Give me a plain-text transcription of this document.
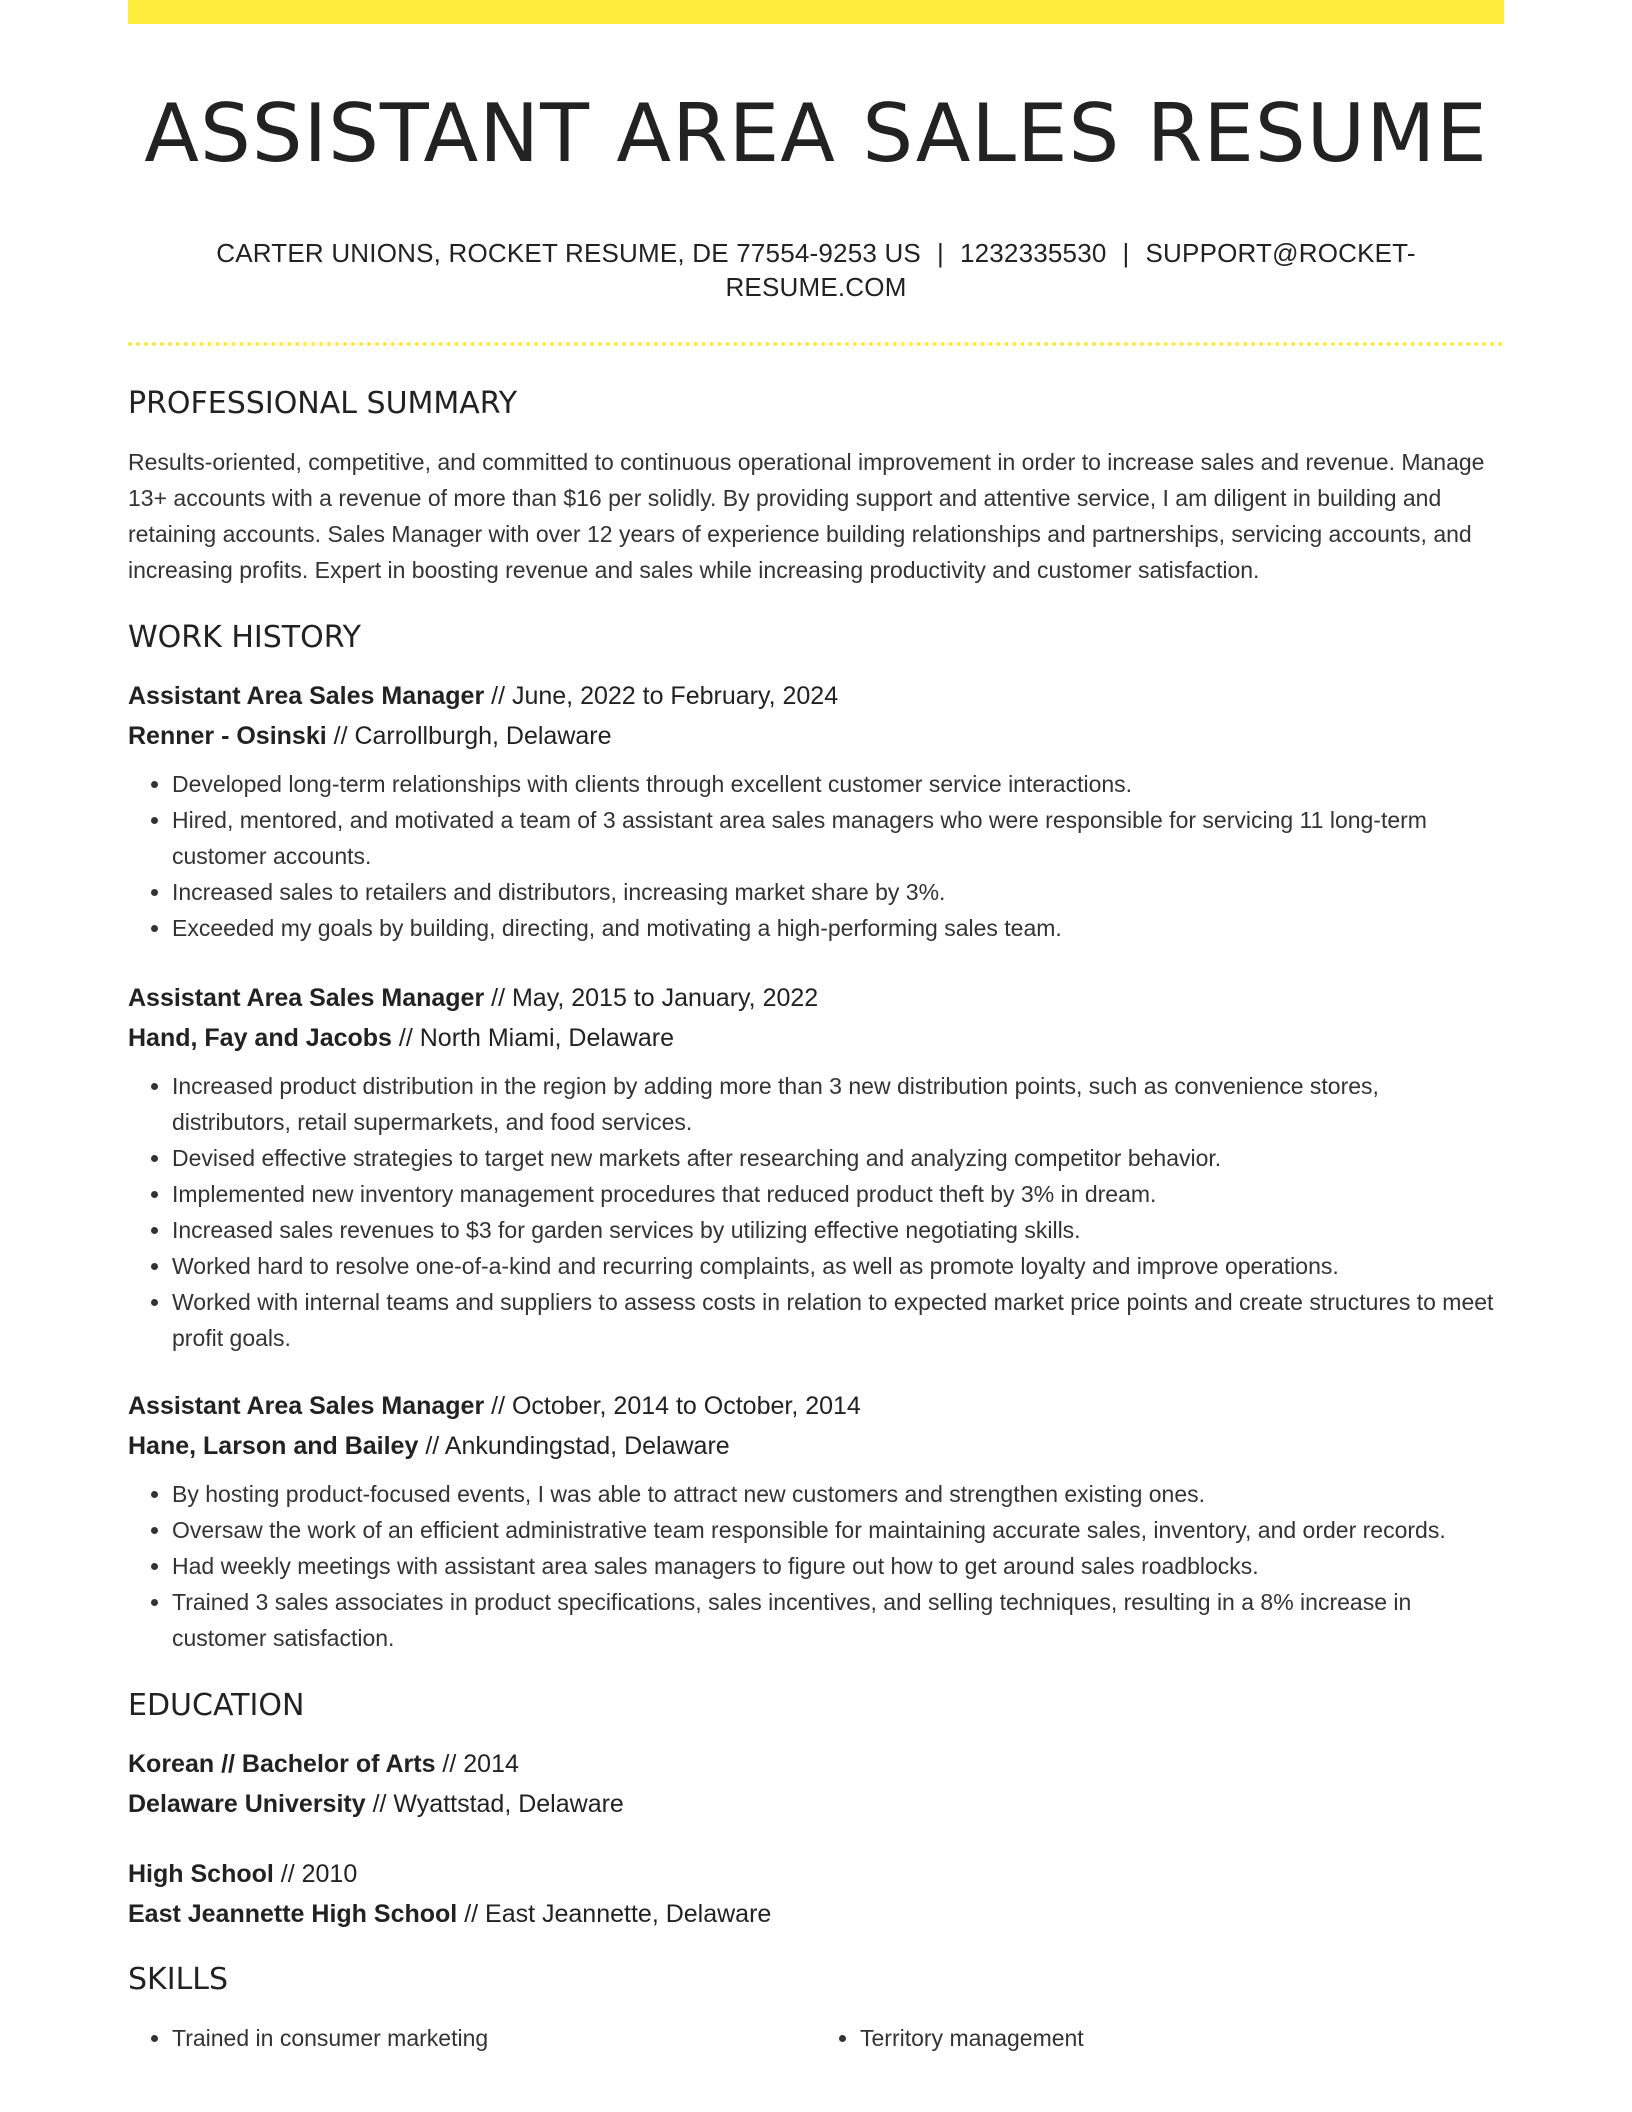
ASSISTANT AREA SALES RESUME
CARTER UNIONS, ROCKET RESUME, DE 77554-9253 US | 1232335530 | SUPPORT@ROCKET-RESUME.COM
PROFESSIONAL SUMMARY
Results-oriented, competitive, and committed to continuous operational improvement in order to increase sales and revenue. Manage 13+ accounts with a revenue of more than $16 per solidly. By providing support and attentive service, I am diligent in building and retaining accounts. Sales Manager with over 12 years of experience building relationships and partnerships, servicing accounts, and increasing profits. Expert in boosting revenue and sales while increasing productivity and customer satisfaction.
WORK HISTORY
Assistant Area Sales Manager // June, 2022 to February, 2024
Renner - Osinski // Carrollburgh, Delaware
• Developed long-term relationships with clients through excellent customer service interactions.
• Hired, mentored, and motivated a team of 3 assistant area sales managers who were responsible for servicing 11 long-term customer accounts.
• Increased sales to retailers and distributors, increasing market share by 3%.
• Exceeded my goals by building, directing, and motivating a high-performing sales team.
Assistant Area Sales Manager // May, 2015 to January, 2022
Hand, Fay and Jacobs // North Miami, Delaware
• Increased product distribution in the region by adding more than 3 new distribution points, such as convenience stores, distributors, retail supermarkets, and food services.
• Devised effective strategies to target new markets after researching and analyzing competitor behavior.
• Implemented new inventory management procedures that reduced product theft by 3% in dream.
• Increased sales revenues to $3 for garden services by utilizing effective negotiating skills.
• Worked hard to resolve one-of-a-kind and recurring complaints, as well as promote loyalty and improve operations.
• Worked with internal teams and suppliers to assess costs in relation to expected market price points and create structures to meet profit goals.
Assistant Area Sales Manager // October, 2014 to October, 2014
Hane, Larson and Bailey // Ankundingstad, Delaware
• By hosting product-focused events, I was able to attract new customers and strengthen existing ones.
• Oversaw the work of an efficient administrative team responsible for maintaining accurate sales, inventory, and order records.
• Had weekly meetings with assistant area sales managers to figure out how to get around sales roadblocks.
• Trained 3 sales associates in product specifications, sales incentives, and selling techniques, resulting in a 8% increase in customer satisfaction.
EDUCATION
Korean // Bachelor of Arts // 2014
Delaware University // Wyattstad, Delaware
High School // 2010
East Jeannette High School // East Jeannette, Delaware
SKILLS
• Trained in consumer marketing
•	Territory management
